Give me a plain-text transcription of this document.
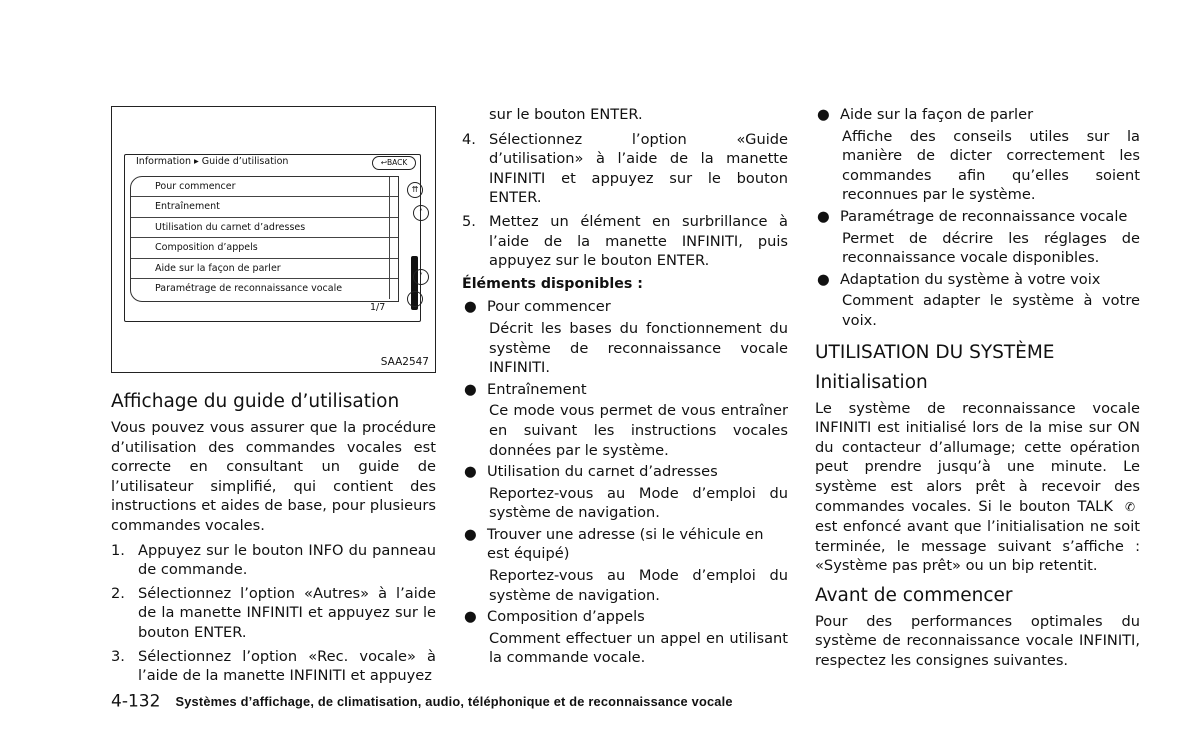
Information ▸ Guide d’utilisation	↩BACK
Pour commencer
Entraînement
Utilisation du carnet d’adresses
Composition d’appels
Aide sur la façon de parler
Paramétrage de reconnaissance vocale
⇈
˄
˅
⇊
1/7
SAA2547
Affichage du guide d’utilisation

Vous pouvez vous assurer que la procédure d’utilisation des commandes vocales est correcte en consultant un guide de l’utilisateur simplifié, qui contient des instructions et aides de base, pour plusieurs commandes vocales.

1. Appuyez sur le bouton INFO du panneau de commande.
2. Sélectionnez l’option «Autres» à l’aide de la manette INFINITI et appuyez sur le bouton ENTER.
3. Sélectionnez l’option «Rec. vocale» à l’aide de la manette INFINITI et appuyez

sur le bouton ENTER.

4. Sélectionnez l’option «Guide d’utilisation» à l’aide de la manette INFINITI et appuyez sur le bouton ENTER.
5. Mettez un élément en surbrillance à l’aide de la manette INFINITI, puis appuyez sur le bouton ENTER.
Éléments disponibles :
● Pour commencer
Décrit les bases du fonctionnement du système de reconnaissance vocale INFINITI.
● Entraînement
Ce mode vous permet de vous entraîner en suivant les instructions vocales données par le système.
● Utilisation du carnet d’adresses
Reportez-vous au Mode d’emploi du système de navigation.
● Trouver une adresse (si le véhicule en est équipé)
Reportez-vous au Mode d’emploi du système de navigation.
● Composition d’appels
Comment effectuer un appel en utilisant la commande vocale.
● Aide sur la façon de parler
Affiche des conseils utiles sur la manière de dicter correctement les commandes afin qu’elles soient reconnues par le système.
● Paramétrage de reconnaissance vocale
Permet de décrire les réglages de reconnaissance vocale disponibles.
● Adaptation du système à votre voix
Comment adapter le système à votre voix.
UTILISATION DU SYSTÈME
Initialisation

Le système de reconnaissance vocale INFINITI est initialisé lors de la mise sur ON du contacteur d’allumage; cette opération peut prendre jusqu’à une minute. Le système est alors prêt à recevoir des commandes vocales. Si le bouton TALK ✆ est enfoncé avant que l’initialisation ne soit terminée, le message suivant s’affiche : «Système pas prêt» ou un bip retentit.

Avant de commencer

Pour des performances optimales du système de reconnaissance vocale INFINITI, respectez les consignes suivantes.

4-132 Systèmes d’affichage, de climatisation, audio, téléphonique et de reconnaissance vocale
